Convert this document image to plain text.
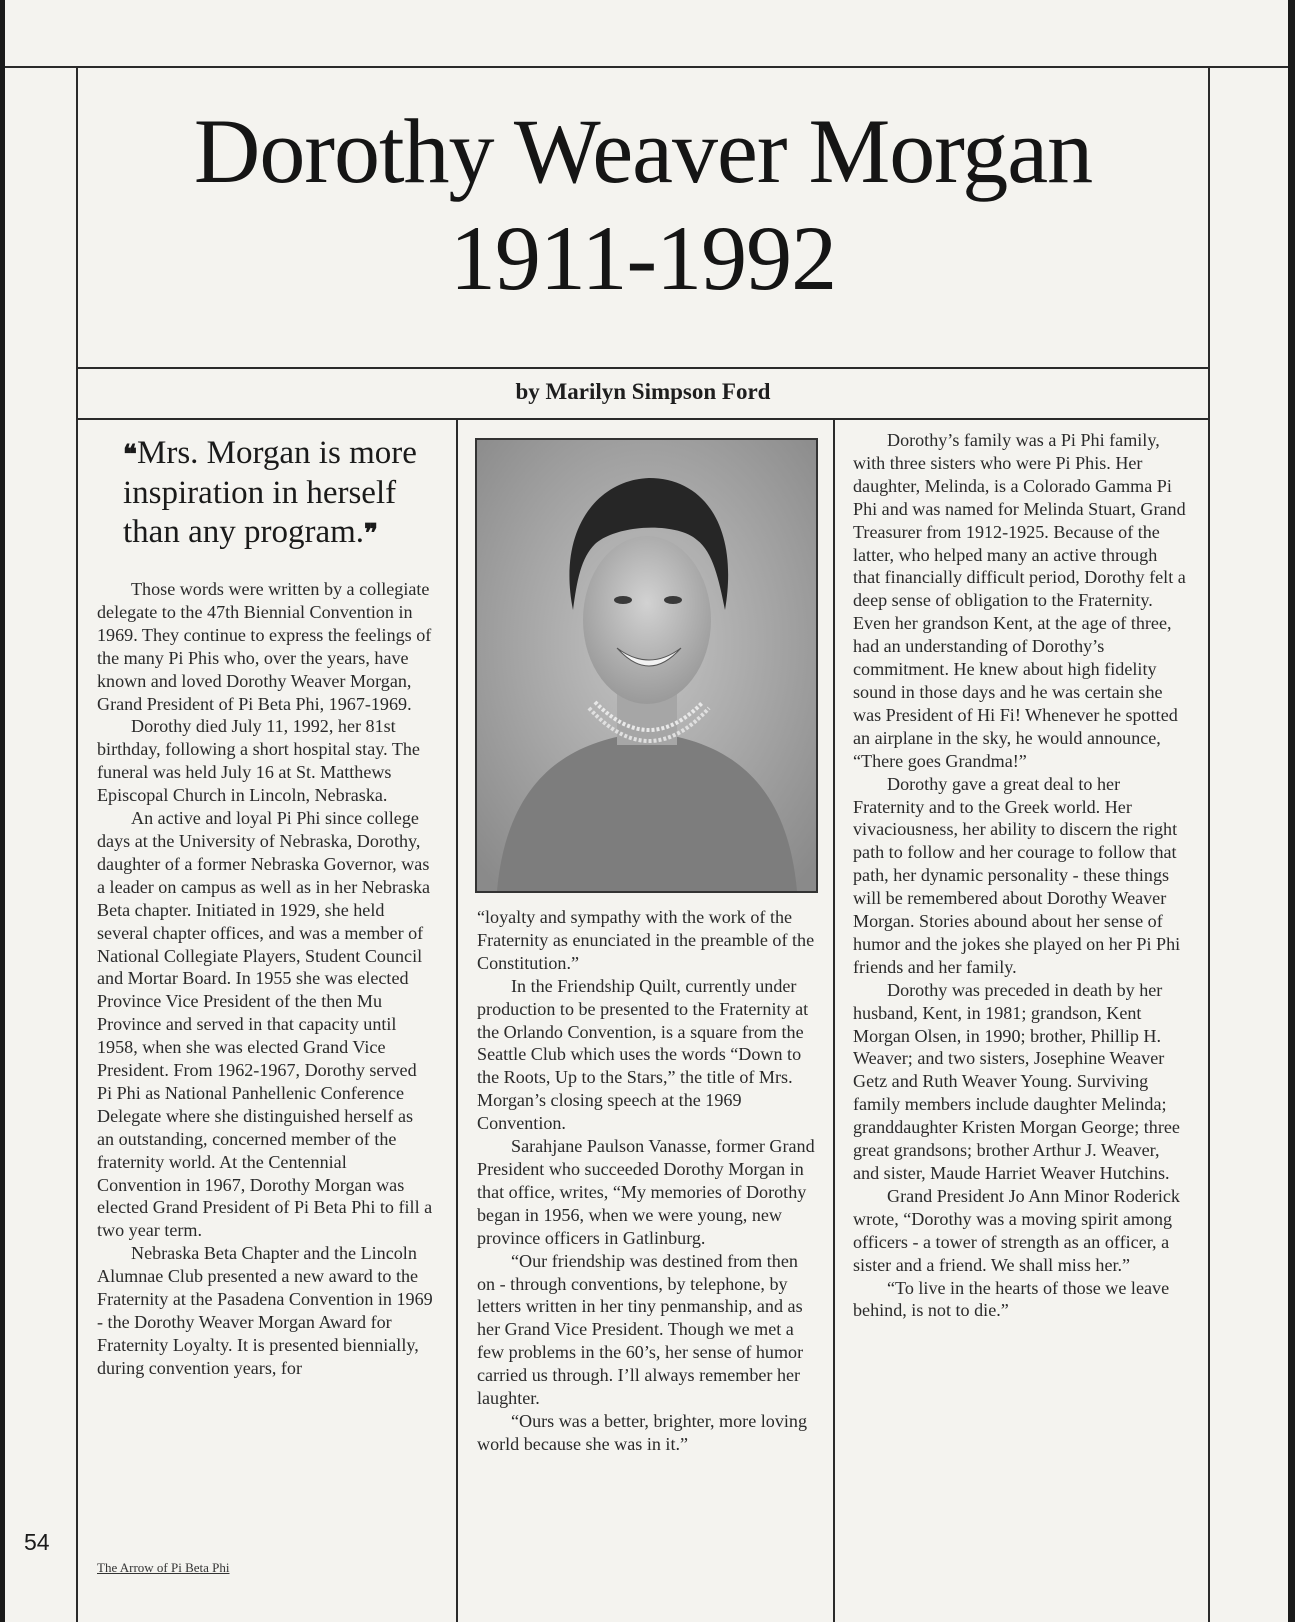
Dorothy Weaver Morgan
1911-1992
by Marilyn Simpson Ford
❝Mrs. Morgan is more inspiration in herself than any program.❞

Those words were written by a collegiate delegate to the 47th Biennial Convention in 1969. They continue to express the feelings of the many Pi Phis who, over the years, have known and loved Dorothy Weaver Morgan, Grand President of Pi Beta Phi, 1967-1969.

Dorothy died July 11, 1992, her 81st birthday, following a short hospital stay. The funeral was held July 16 at St. Matthews Episcopal Church in Lincoln, Nebraska.

An active and loyal Pi Phi since college days at the University of Nebraska, Dorothy, daughter of a former Nebraska Governor, was a leader on campus as well as in her Nebraska Beta chapter. Initiated in 1929, she held several chapter offices, and was a member of National Collegiate Players, Student Council and Mortar Board. In 1955 she was elected Province Vice President of the then Mu Province and served in that capacity until 1958, when she was elected Grand Vice President. From 1962-1967, Dorothy served Pi Phi as National Panhellenic Conference Delegate where she distinguished herself as an outstanding, concerned member of the fraternity world. At the Centennial Convention in 1967, Dorothy Morgan was elected Grand President of Pi Beta Phi to fill a two year term.

Nebraska Beta Chapter and the Lincoln Alumnae Club presented a new award to the Fraternity at the Pasadena Convention in 1969 - the Dorothy Weaver Morgan Award for Fraternity Loyalty. It is presented biennially, during convention years, for

“loyalty and sympathy with the work of the Fraternity as enunciated in the preamble of the Constitution.”

In the Friendship Quilt, currently under production to be presented to the Fraternity at the Orlando Convention, is a square from the Seattle Club which uses the words “Down to the Roots, Up to the Stars,” the title of Mrs. Morgan’s closing speech at the 1969 Convention.

Sarahjane Paulson Vanasse, former Grand President who succeeded Dorothy Morgan in that office, writes, “My memories of Dorothy began in 1956, when we were young, new province officers in Gatlinburg.

“Our friendship was destined from then on - through conventions, by telephone, by letters written in her tiny penmanship, and as her Grand Vice President. Though we met a few problems in the 60’s, her sense of humor carried us through. I’ll always remember her laughter.

“Ours was a better, brighter, more loving world because she was in it.”

Dorothy’s family was a Pi Phi family, with three sisters who were Pi Phis. Her daughter, Melinda, is a Colorado Gamma Pi Phi and was named for Melinda Stuart, Grand Treasurer from 1912-1925. Because of the latter, who helped many an active through that financially difficult period, Dorothy felt a deep sense of obligation to the Fraternity. Even her grandson Kent, at the age of three, had an understanding of Dorothy’s commitment. He knew about high fidelity sound in those days and he was certain she was President of Hi Fi! Whenever he spotted an airplane in the sky, he would announce, “There goes Grandma!”

Dorothy gave a great deal to her Fraternity and to the Greek world. Her vivaciousness, her ability to discern the right path to follow and her courage to follow that path, her dynamic personality - these things will be remembered about Dorothy Weaver Morgan. Stories abound about her sense of humor and the jokes she played on her Pi Phi friends and her family.

Dorothy was preceded in death by her husband, Kent, in 1981; grandson, Kent Morgan Olsen, in 1990; brother, Phillip H. Weaver; and two sisters, Josephine Weaver Getz and Ruth Weaver Young. Surviving family members include daughter Melinda; granddaughter Kristen Morgan George; three great grandsons; brother Arthur J. Weaver, and sister, Maude Harriet Weaver Hutchins.

Grand President Jo Ann Minor Roderick wrote, “Dorothy was a moving spirit among officers - a tower of strength as an officer, a sister and a friend. We shall miss her.”

“To live in the hearts of those we leave behind, is not to die.”

54
The Arrow of Pi Beta Phi
